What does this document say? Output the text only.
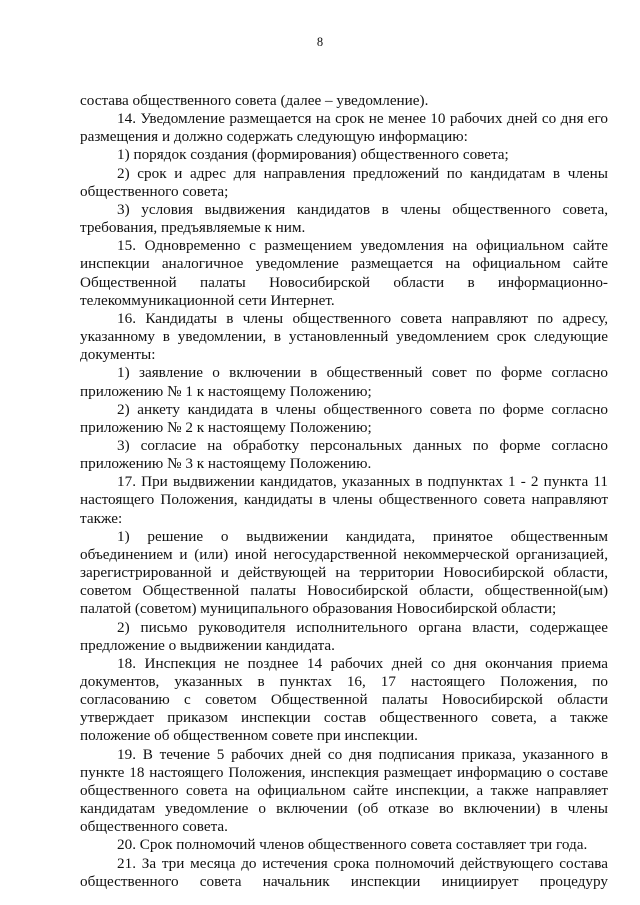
8

состава общественного совета (далее – уведомление).

14. Уведомление размещается на срок не менее 10 рабочих дней со дня его размещения и должно содержать следующую информацию:

1) порядок создания (формирования) общественного совета;

2) срок и адрес для направления предложений по кандидатам в члены общественного совета;

3) условия выдвижения кандидатов в члены общественного совета, требования, предъявляемые к ним.

15. Одновременно с размещением уведомления на официальном сайте инспекции аналогичное уведомление размещается на официальном сайте Общественной палаты Новосибирской области в информационно-телекоммуникационной сети Интернет.

16. Кандидаты в члены общественного совета направляют по адресу, указанному в уведомлении, в установленный уведомлением срок следующие документы:

1) заявление о включении в общественный совет по форме согласно приложению № 1 к настоящему Положению;

2) анкету кандидата в члены общественного совета по форме согласно приложению № 2 к настоящему Положению;

3) согласие на обработку персональных данных по форме согласно приложению № 3 к настоящему Положению.

17. При выдвижении кандидатов, указанных в подпунктах 1 - 2 пункта 11 настоящего Положения, кандидаты в члены общественного совета направляют также:

1) решение о выдвижении кандидата, принятое общественным объединением и (или) иной негосударственной некоммерческой организацией, зарегистрированной и действующей на территории Новосибирской области, советом Общественной палаты Новосибирской области, общественной(ым) палатой (советом) муниципального образования Новосибирской области;

2) письмо руководителя исполнительного органа власти, содержащее предложение о выдвижении кандидата.

18. Инспекция не позднее 14 рабочих дней со дня окончания приема документов, указанных в пунктах 16, 17 настоящего Положения, по согласованию с советом Общественной палаты Новосибирской области утверждает приказом инспекции состав общественного совета, а также положение об общественном совете при инспекции.

19. В течение 5 рабочих дней со дня подписания приказа, указанного в пункте 18 настоящего Положения, инспекция размещает информацию о составе общественного совета на официальном сайте инспекции, а также направляет кандидатам уведомление о включении (об отказе во включении) в члены общественного совета.

20. Срок полномочий членов общественного совета составляет три года.

21. За три месяца до истечения срока полномочий действующего состава общественного совета начальник инспекции инициирует процедуру
